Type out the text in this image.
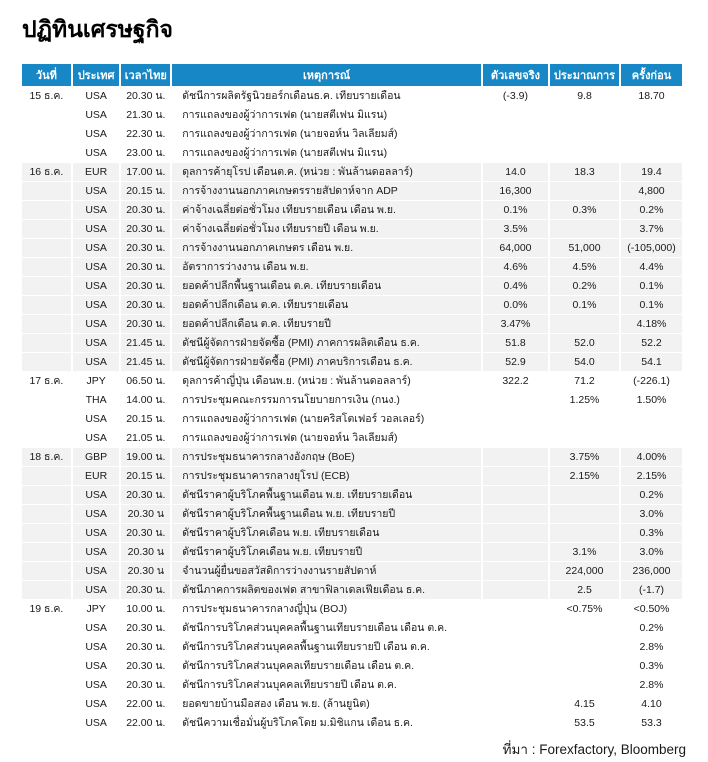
ปฏิทินเศรษฐกิจ
วันที่	ประเทศ	เวลาไทย	เหตุการณ์	ตัวเลขจริง	ประมาณการ	ครั้งก่อน
15 ธ.ค.	USA	20.30 น.	ดัชนีการผลิตรัฐนิวยอร์กเดือนธ.ค. เทียบรายเดือน	(-3.9)	9.8	18.70
	USA	21.30 น.	การแถลงของผู้ว่าการเฟด (นายสตีเฟน มิแรน)			
	USA	22.30 น.	การแถลงของผู้ว่าการเฟด (นายจอห์น วิลเลียมส์)			
	USA	23.00 น.	การแถลงของผู้ว่าการเฟด (นายสตีเฟน มิแรน)			
16 ธ.ค.	EUR	17.00 น.	ดุลการค้ายุโรป เดือนต.ค. (หน่วย : พันล้านดอลลาร์)	14.0	18.3	19.4
	USA	20.15 น.	การจ้างงานนอกภาคเกษตรรายสัปดาห์จาก ADP	16,300		4,800
	USA	20.30 น.	ค่าจ้างเฉลี่ยต่อชั่วโมง เทียบรายเดือน เดือน พ.ย.	0.1%	0.3%	0.2%
	USA	20.30 น.	ค่าจ้างเฉลี่ยต่อชั่วโมง เทียบรายปี เดือน พ.ย.	3.5%		3.7%
	USA	20.30 น.	การจ้างงานนอกภาคเกษตร เดือน พ.ย.	64,000	51,000	(-105,000)
	USA	20.30 น.	อัตราการว่างงาน เดือน พ.ย.	4.6%	4.5%	4.4%
	USA	20.30 น.	ยอดค้าปลีกพื้นฐานเดือน ต.ค. เทียบรายเดือน	0.4%	0.2%	0.1%
	USA	20.30 น.	ยอดค้าปลีกเดือน ต.ค. เทียบรายเดือน	0.0%	0.1%	0.1%
	USA	20.30 น.	ยอดค้าปลีกเดือน ต.ค. เทียบรายปี	3.47%		4.18%
	USA	21.45 น.	ดัชนีผู้จัดการฝ่ายจัดซื้อ (PMI) ภาคการผลิตเดือน ธ.ค.	51.8	52.0	52.2
	USA	21.45 น.	ดัชนีผู้จัดการฝ่ายจัดซื้อ (PMI) ภาคบริการเดือน ธ.ค.	52.9	54.0	54.1
17 ธ.ค.	JPY	06.50 น.	ดุลการค้าญี่ปุ่น เดือนพ.ย. (หน่วย : พันล้านดอลลาร์)	322.2	71.2	(-226.1)
	THA	14.00 น.	การประชุมคณะกรรมการนโยบายการเงิน (กนง.)		1.25%	1.50%
	USA	20.15 น.	การแถลงของผู้ว่าการเฟด (นายคริสโตเฟอร์ วอลเลอร์)			
	USA	21.05 น.	การแถลงของผู้ว่าการเฟด (นายจอห์น วิลเลียมส์)			
18 ธ.ค.	GBP	19.00 น.	การประชุมธนาคารกลางอังกฤษ (BoE)		3.75%	4.00%
	EUR	20.15 น.	การประชุมธนาคารกลางยุโรป (ECB)		2.15%	2.15%
	USA	20.30 น.	ดัชนีราคาผู้บริโภคพื้นฐานเดือน พ.ย. เทียบรายเดือน			0.2%
	USA	20.30 น	ดัชนีราคาผู้บริโภคพื้นฐานเดือน พ.ย. เทียบรายปี			3.0%
	USA	20.30 น.	ดัชนีราคาผู้บริโภคเดือน พ.ย. เทียบรายเดือน			0.3%
	USA	20.30 น	ดัชนีราคาผู้บริโภคเดือน พ.ย. เทียบรายปี		3.1%	3.0%
	USA	20.30 น	จำนวนผู้ยื่นขอสวัสดิการว่างงานรายสัปดาห์		224,000	236,000
	USA	20.30 น.	ดัชนีภาคการผลิตของเฟด สาขาฟิลาเดลเฟียเดือน ธ.ค.		2.5	(-1.7)
19 ธ.ค.	JPY	10.00 น.	การประชุมธนาคารกลางญี่ปุ่น (BOJ)		<0.75%	<0.50%
	USA	20.30 น.	ดัชนีการบริโภคส่วนบุคคลพื้นฐานเทียบรายเดือน เดือน ต.ค.			0.2%
	USA	20.30 น.	ดัชนีการบริโภคส่วนบุคคลพื้นฐานเทียบรายปี เดือน ต.ค.			2.8%
	USA	20.30 น.	ดัชนีการบริโภคส่วนบุคคลเทียบรายเดือน เดือน ต.ค.			0.3%
	USA	20.30 น.	ดัชนีการบริโภคส่วนบุคคลเทียบรายปี เดือน ต.ค.			2.8%
	USA	22.00 น.	ยอดขายบ้านมือสอง เดือน พ.ย. (ล้านยูนิต)		4.15	4.10
	USA	22.00 น.	ดัชนีความเชื่อมั่นผู้บริโภคโดย ม.มิชิแกน เดือน ธ.ค.		53.5	53.3
ที่มา : Forexfactory, Bloomberg
